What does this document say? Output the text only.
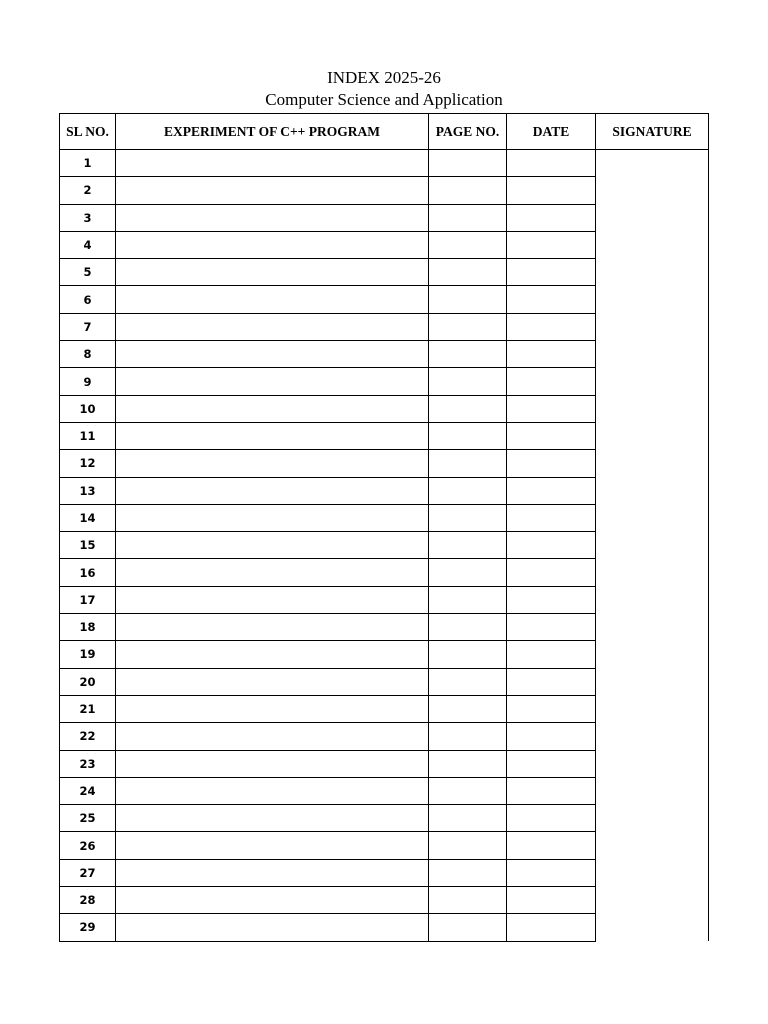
INDEX 2025-26
Computer Science and Application
SL NO.	EXPERIMENT OF C++ PROGRAM	PAGE NO.	DATE	SIGNATURE
1				
2				
3				
4				
5				
6				
7				
8				
9				
10				
11				
12				
13				
14				
15				
16				
17				
18				
19				
20				
21				
22				
23				
24				
25				
26				
27				
28				
29				
